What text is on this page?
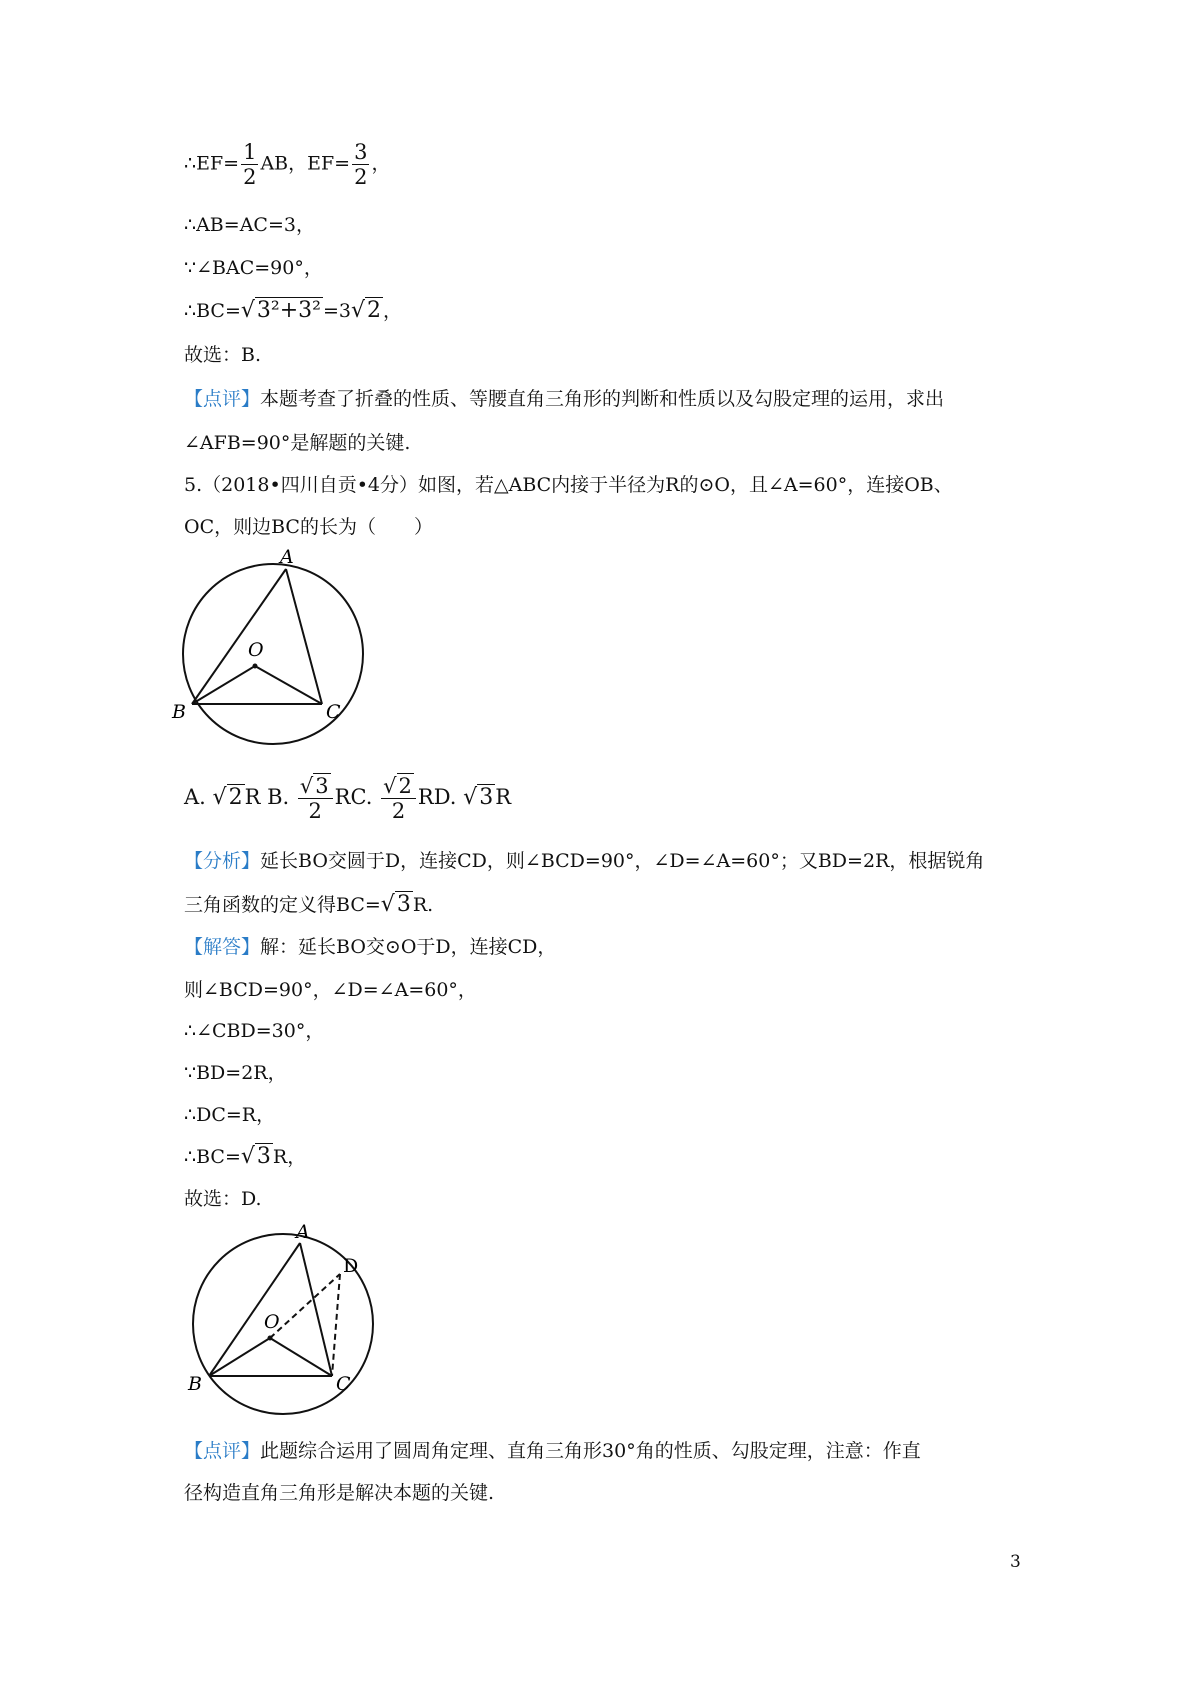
∴EF= $\frac{1}{2}$ AB，$EF= \frac{3}{2}$ ，
∴AB=AC=3，
∵∠BAC=90°，
∴BC=√3²+3² =3√2 ，
故选：B.
【点评】本题考查了折叠的性质、等腰直角三角形的判断和性质以及勾股定理的运用，求出
∠AFB=90°是解题的关键.
5.（2018•四川自贡•4分）如图，若△ABC内接于半径为R的⊙O，且∠A=60°，连接OB、
OC，则边BC的长为（　　）
A
B	C
O
A. √2R B. $\frac{√3}{2}$ RC. $\frac{√2}{2}$ RD. √3R
【分析】延长BO交圆于D，连接CD，则∠BCD=90°，∠D=∠A=60°；又BD=2R，根据锐角
三角函数的定义得BC=√3 R.
【解答】解：延长BO交⊙O于D，连接CD，
则∠BCD=90°，∠D=∠A=60°，
∴∠CBD=30°，
∵BD=2R，
∴DC=R，
∴BC=√3 R，
故选：D.
A
B	C
O
D
【点评】此题综合运用了圆周角定理、直角三角形30°角的性质、勾股定理，注意：作直
径构造直角三角形是解决本题的关键.
3
